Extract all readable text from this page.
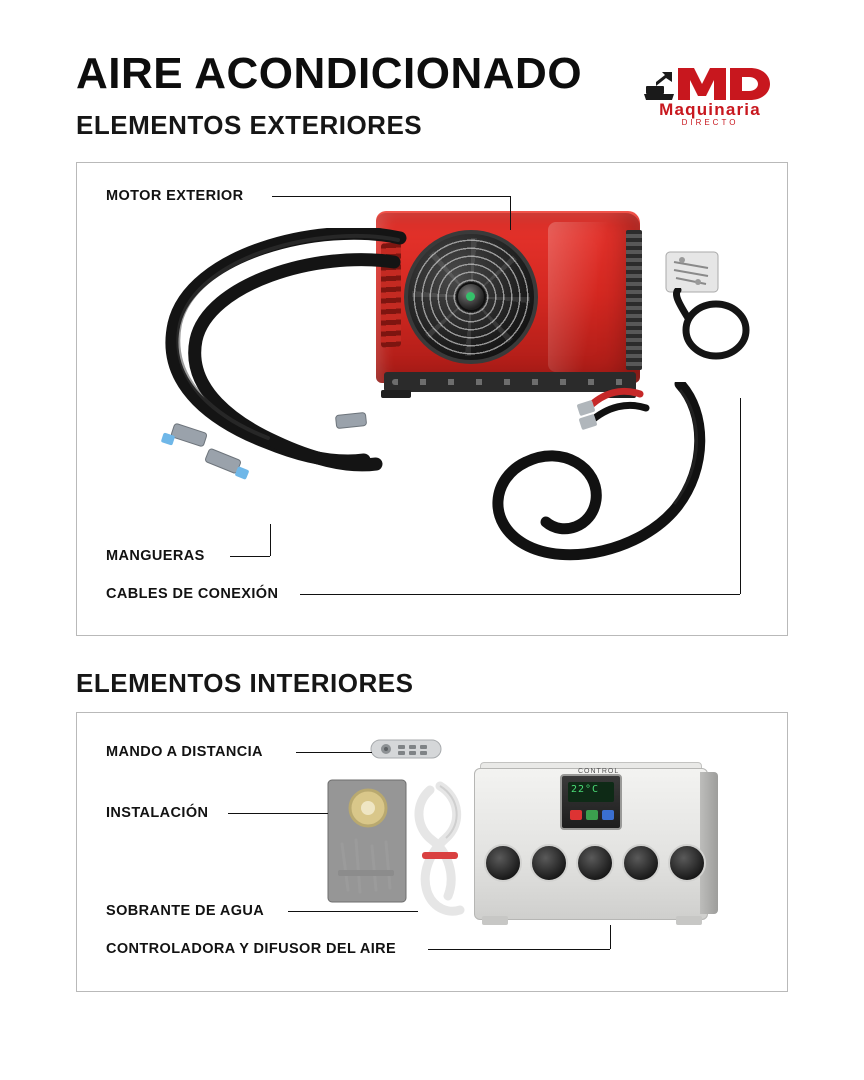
AIRE ACONDICIONADO
ELEMENTOS EXTERIORES
Maquinaria
DIRECTO
MOTOR EXTERIOR
MANGUERAS
CABLES DE CONEXIÓN
ELEMENTOS INTERIORES
22°C
CONTROL
MANDO A DISTANCIA
INSTALACIÓN
SOBRANTE DE AGUA
CONTROLADORA Y DIFUSOR DEL AIRE
